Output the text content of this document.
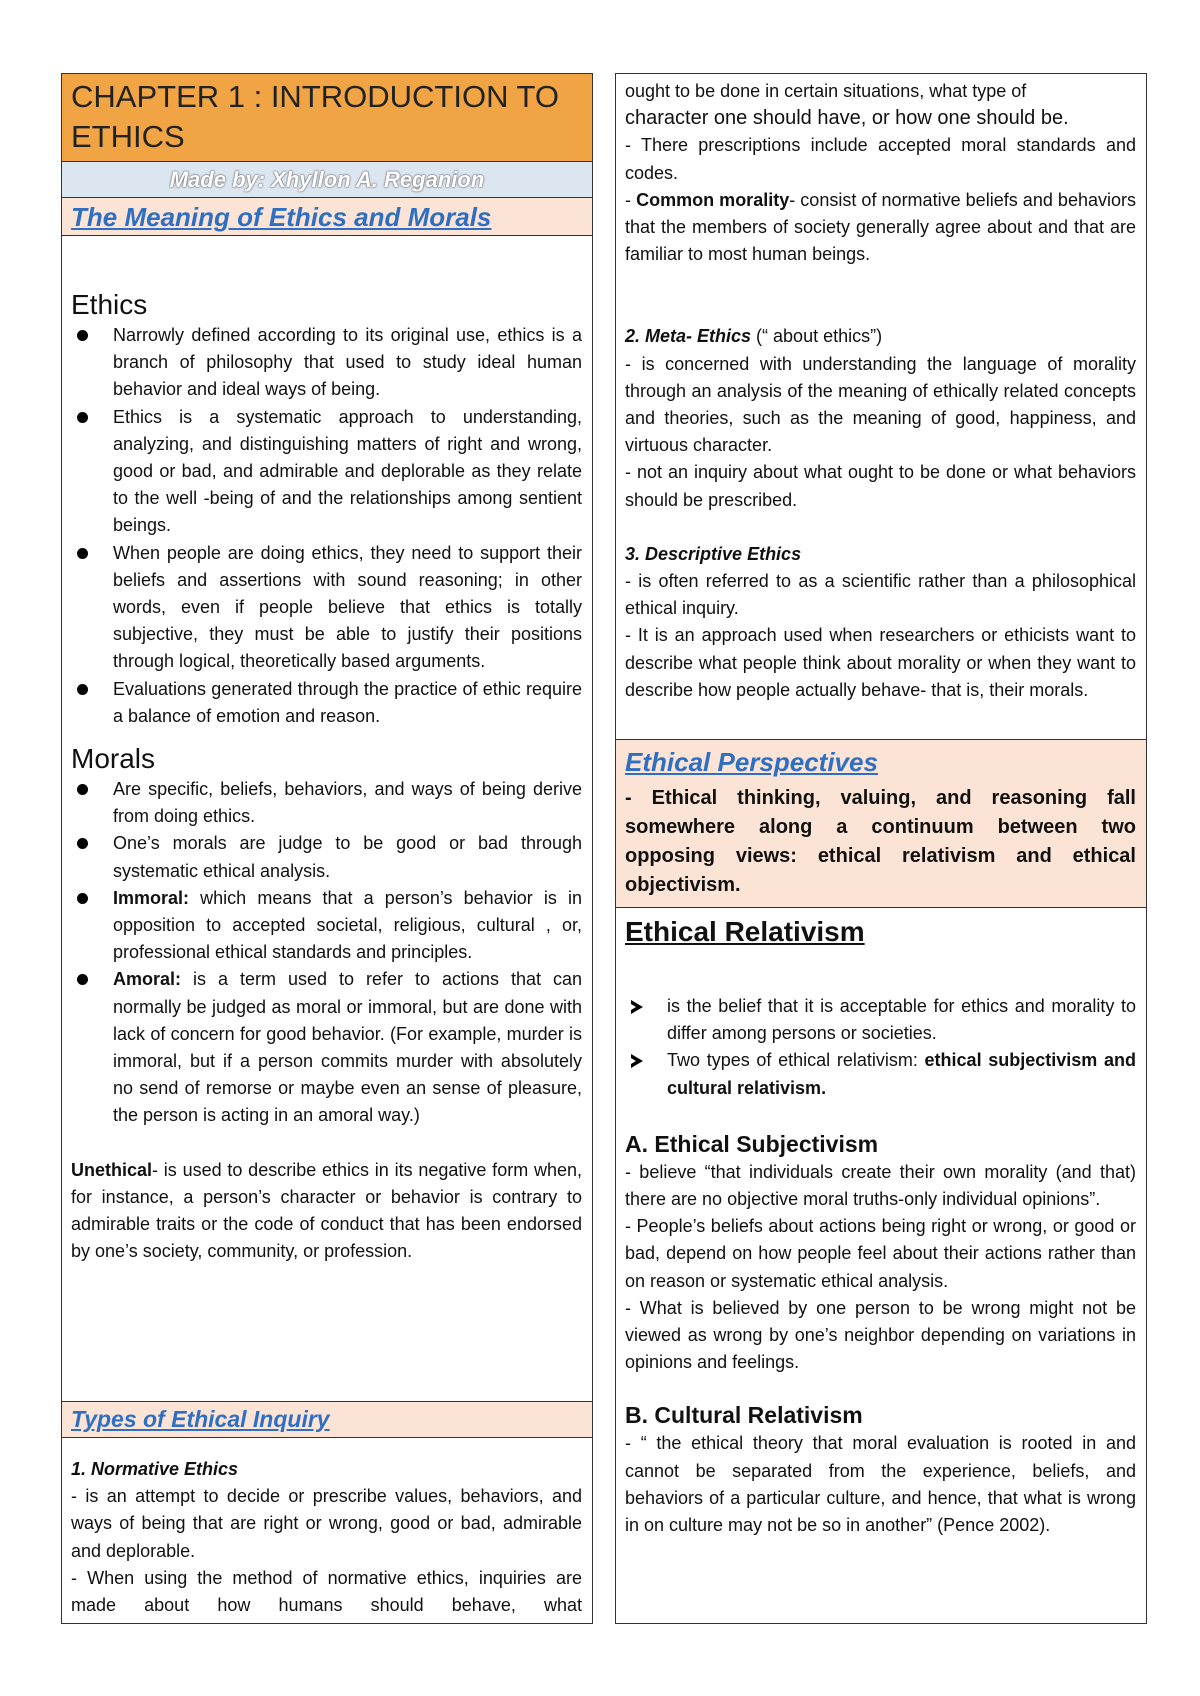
CHAPTER 1 : INTRODUCTION TO ETHICS
Made by: Xhyllon A. Reganion
The Meaning of Ethics and Morals
Ethics
Narrowly defined according to its original use, ethics is a branch of philosophy that used to study ideal human behavior and ideal ways of being.
Ethics is a systematic approach to understanding, analyzing, and distinguishing matters of right and wrong, good or bad, and admirable and deplorable as they relate to the well -being of and the relationships among sentient beings.
When people are doing ethics, they need to support their beliefs and assertions with sound reasoning; in other words, even if people believe that ethics is totally subjective, they must be able to justify their positions through logical, theoretically based arguments.
Evaluations generated through the practice of ethic require a balance of emotion and reason.
Morals
Are specific, beliefs, behaviors, and ways of being derive from doing ethics.
One’s morals are judge to be good or bad through systematic ethical analysis.
Immoral: which means that a person’s behavior is in opposition to accepted societal, religious, cultural , or, professional ethical standards and principles.
Amoral: is a term used to refer to actions that can normally be judged as moral or immoral, but are done with lack of concern for good behavior. (For example, murder is immoral, but if a person commits murder with absolutely no send of remorse or maybe even an sense of pleasure, the person is acting in an amoral way.)

Unethical- is used to describe ethics in its negative form when, for instance, a person’s character or behavior is contrary to admirable traits or the code of conduct that has been endorsed by one’s society, community, or profession.

Types of Ethical Inquiry

1. Normative Ethics

- is an attempt to decide or prescribe values, behaviors, and ways of being that are right or wrong, good or bad, admirable and deplorable.

- When using the method of normative ethics, inquiries are made about how humans should behave, what

ought to be done in certain situations, what type of

character one should have, or how one should be.

- There prescriptions include accepted moral standards and codes.

- Common morality- consist of normative beliefs and behaviors that the members of society generally agree about and that are familiar to most human beings.

2. Meta- Ethics (“ about ethics”)

- is concerned with understanding the language of morality through an analysis of the meaning of ethically related concepts and theories, such as the meaning of good, happiness, and virtuous character.

- not an inquiry about what ought to be done or what behaviors should be prescribed.

3. Descriptive Ethics

- is often referred to as a scientific rather than a philosophical ethical inquiry.

- It is an approach used when researchers or ethicists want to describe what people think about morality or when they want to describe how people actually behave- that is, their morals.

Ethical Perspectives

- Ethical thinking, valuing, and reasoning fall somewhere along a continuum between two opposing views: ethical relativism and ethical objectivism.

Ethical Relativism
is the belief that it is acceptable for ethics and morality to differ among persons or societies.
Two types of ethical relativism: ethical subjectivism and cultural relativism.
A. Ethical Subjectivism

- believe “that individuals create their own morality (and that) there are no objective moral truths-only individual opinions”.

- People’s beliefs about actions being right or wrong, or good or bad, depend on how people feel about their actions rather than on reason or systematic ethical analysis.

- What is believed by one person to be wrong might not be viewed as wrong by one’s neighbor depending on variations in opinions and feelings.

B. Cultural Relativism

- “ the ethical theory that moral evaluation is rooted in and cannot be separated from the experience, beliefs, and behaviors of a particular culture, and hence, that what is wrong in on culture may not be so in another” (Pence 2002).
